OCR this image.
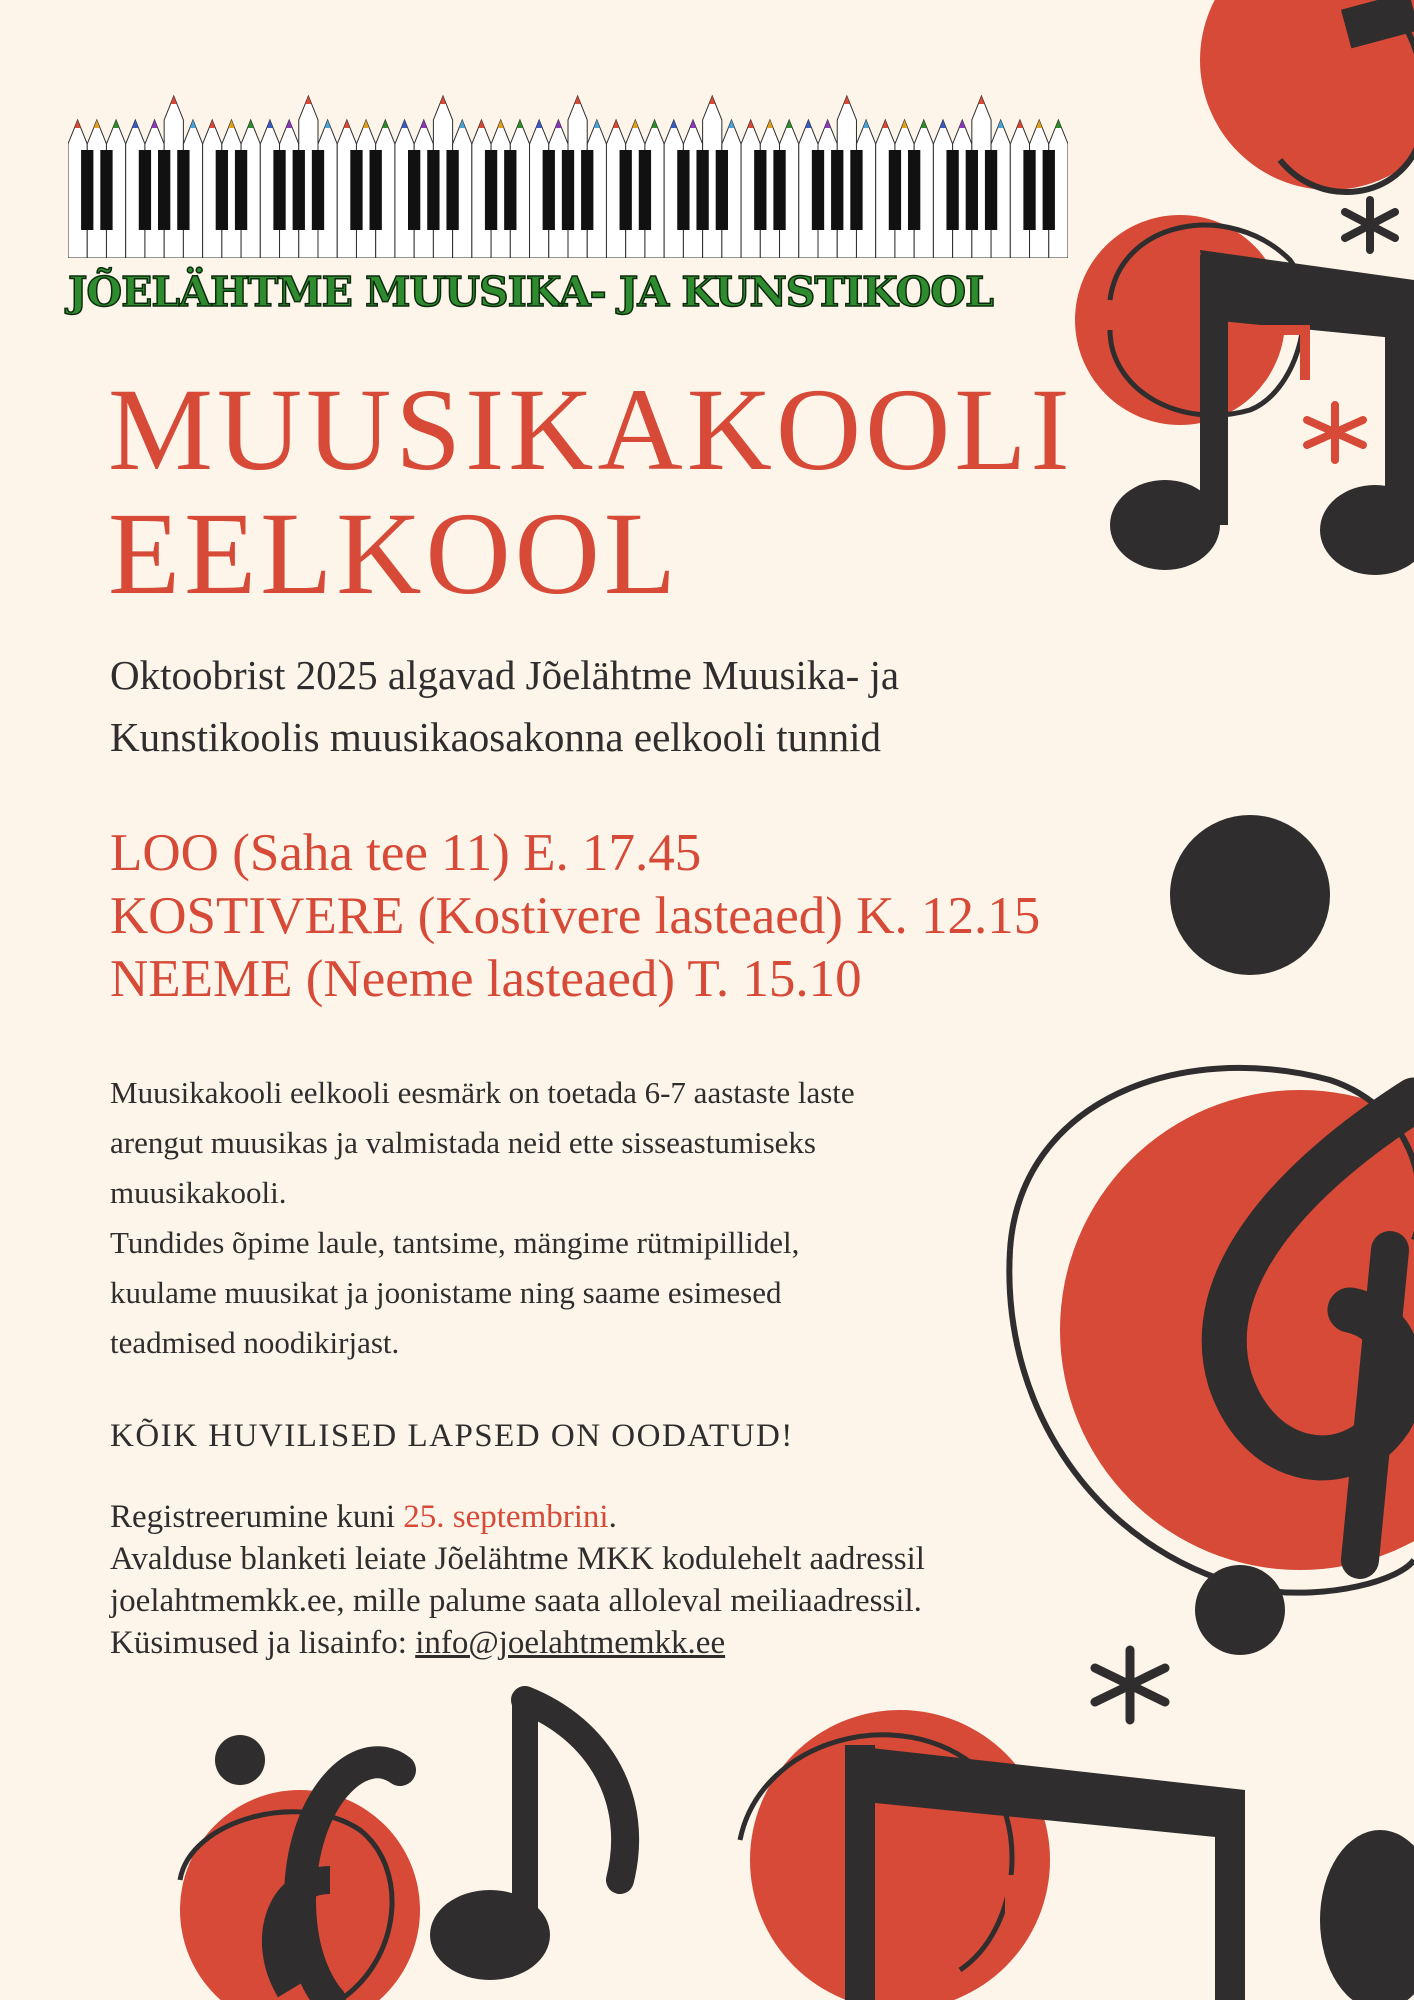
JÕELÄHTME MUUSIKA- JA KUNSTIKOOL
MUUSIKAKOOLI
EELKOOL

Oktoobrist 2025 algavad Jõelähtme Muusika- ja
Kunstikoolis muusikaosakonna eelkooli tunnid

LOO (Saha tee 11) E. 17.45
KOSTIVERE (Kostivere lasteaed) K. 12.15
NEEME (Neeme lasteaed) T. 15.10

Muusikakooli eelkooli eesmärk on toetada 6-7 aastaste laste
arengut muusikas ja valmistada neid ette sisseastumiseks
muusikakooli.
Tundides õpime laule, tantsime, mängime rütmipillidel,
kuulame muusikat ja joonistame ning saame esimesed
teadmised noodikirjast.

KÕIK HUVILISED LAPSED ON OODATUD!

Registreerumine kuni 25. septembrini.
Avalduse blanketi leiate Jõelähtme MKK kodulehelt aadressil
joelahtmemkk.ee, mille palume saata alloleval meiliaadressil.
Küsimused ja lisainfo: info@joelahtmemkk.ee
